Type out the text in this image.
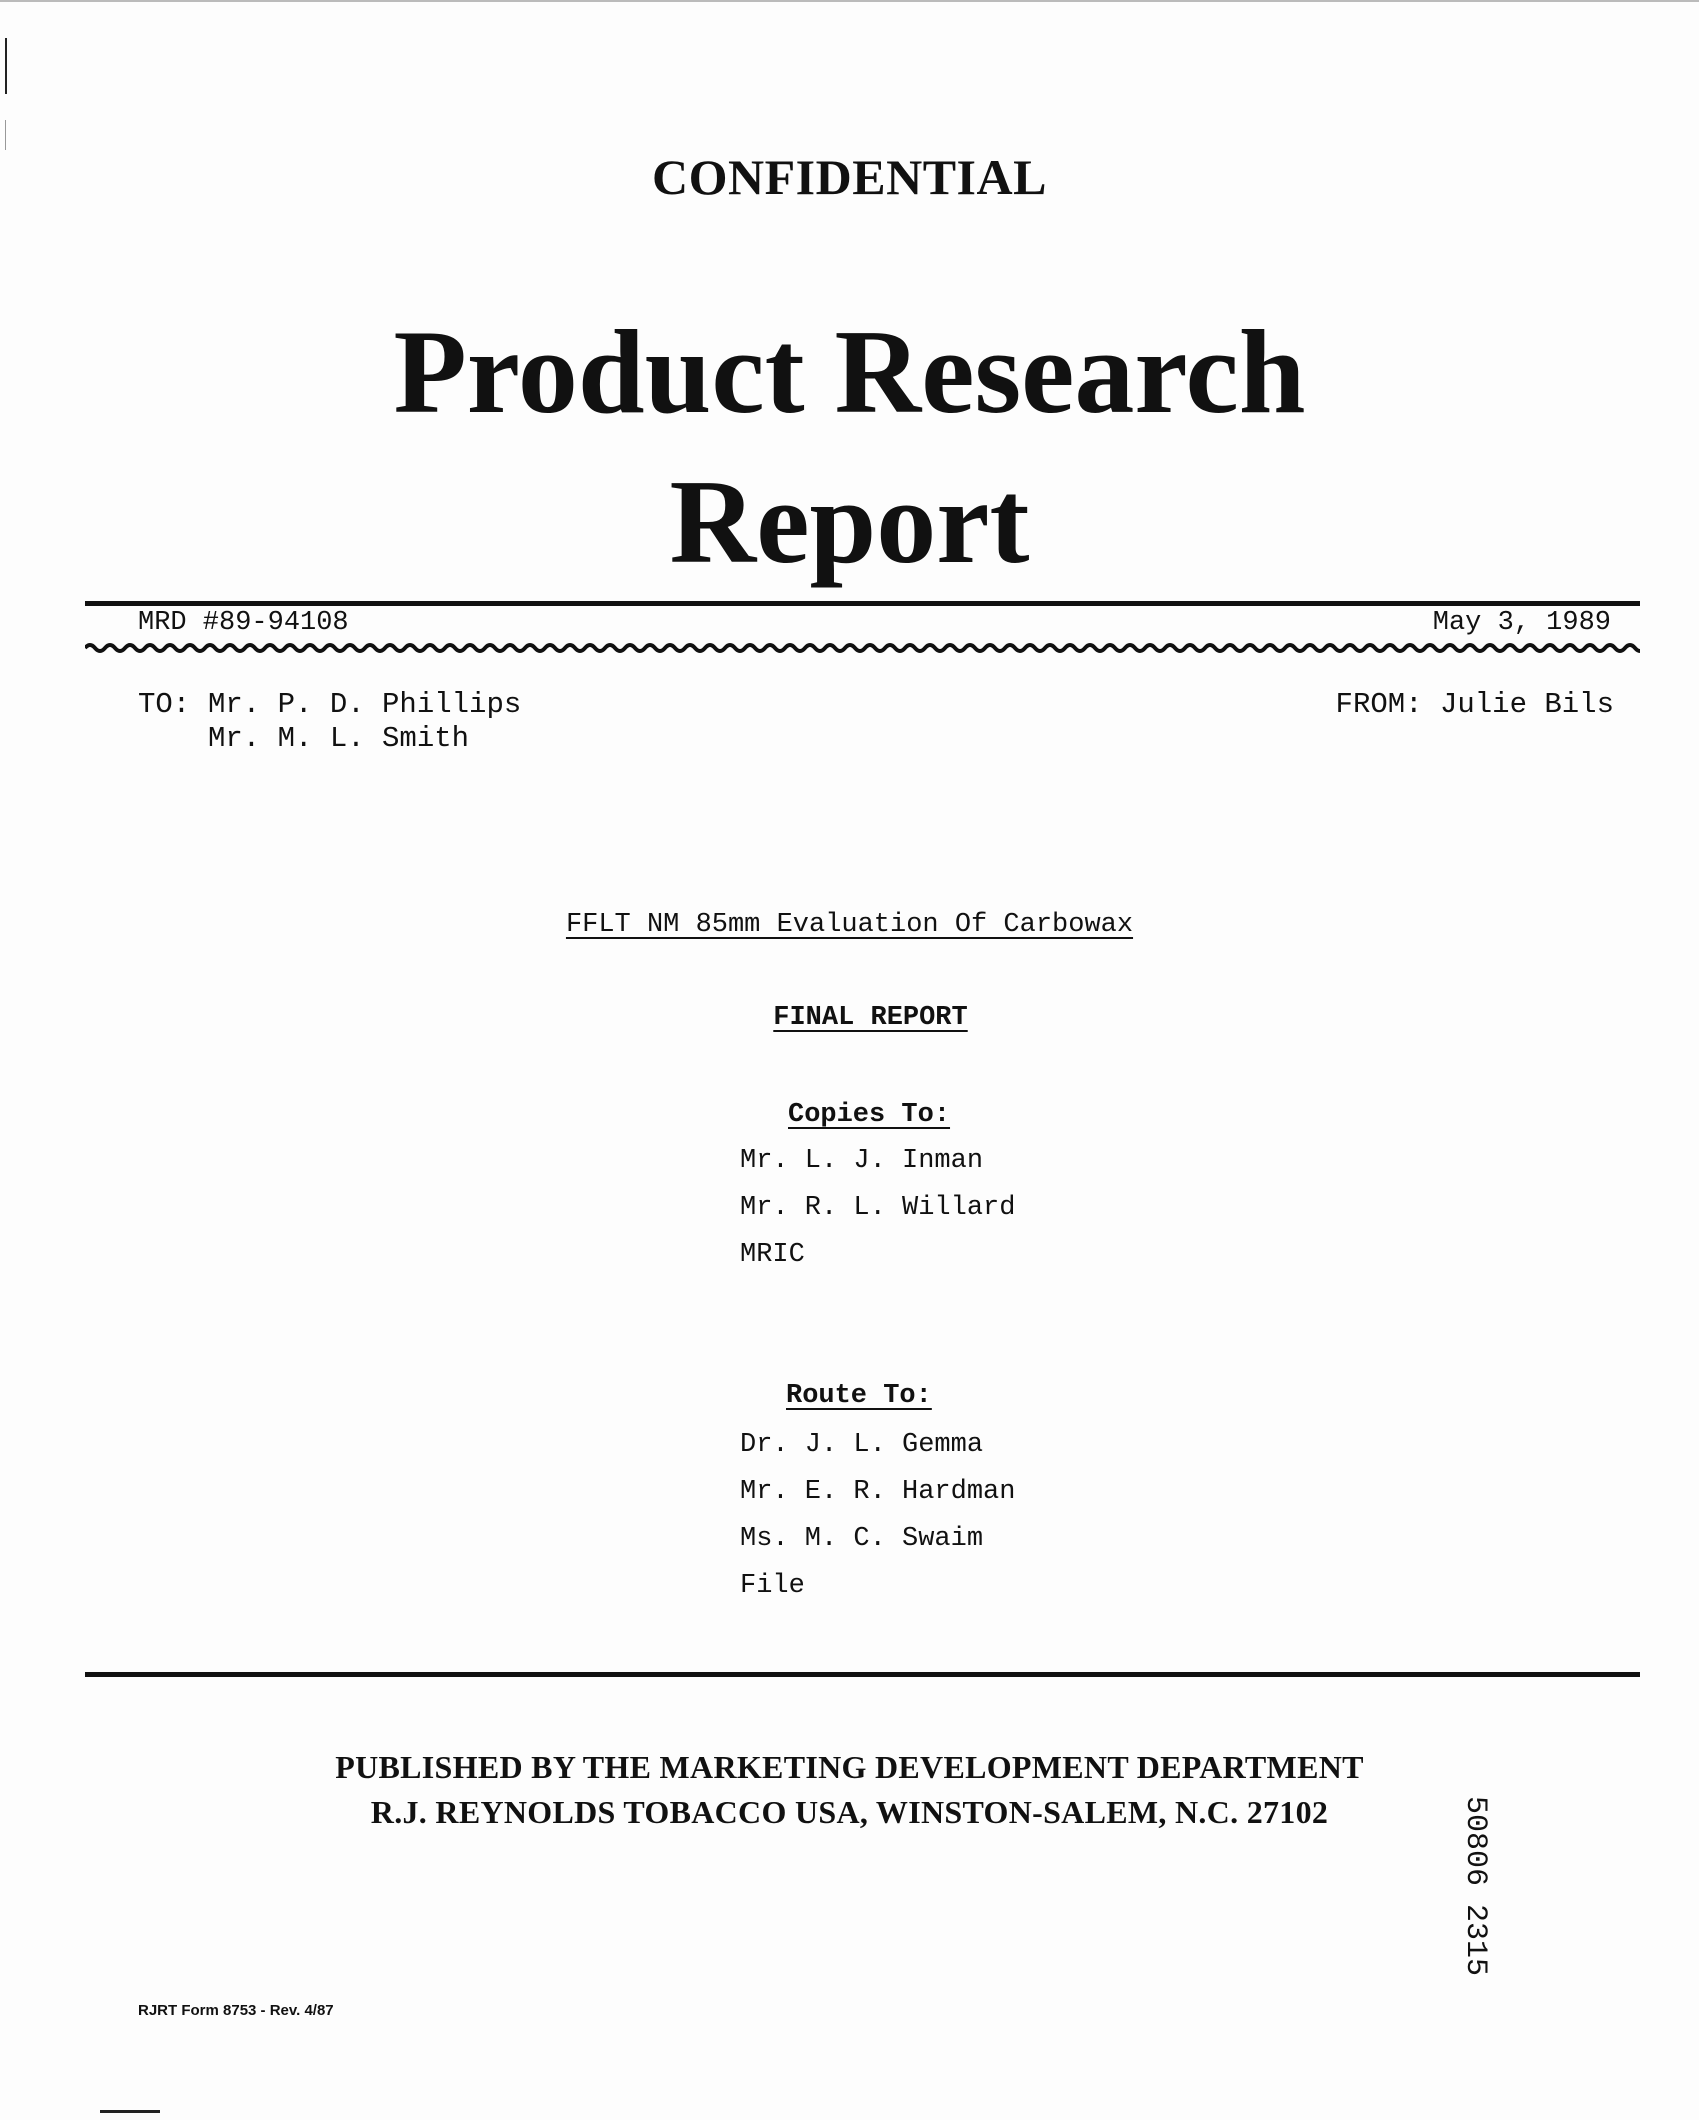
CONFIDENTIAL
Product Research
Report
MRD #89-94108	May 3, 1989
TO: Mr. P. D. Phillips
Mr. M. L. Smith
FROM: Julie Bils
FFLT NM 85mm Evaluation Of Carbowax
FINAL REPORT
Copies To:
Mr. L. J. Inman
Mr. R. L. Willard
MRIC
Route To:
Dr. J. L. Gemma
Mr. E. R. Hardman
Ms. M. C. Swaim
File
PUBLISHED BY THE MARKETING DEVELOPMENT DEPARTMENT
R.J. REYNOLDS TOBACCO USA, WINSTON-SALEM, N.C. 27102	50806 2315
RJRT Form 8753 - Rev. 4/87
